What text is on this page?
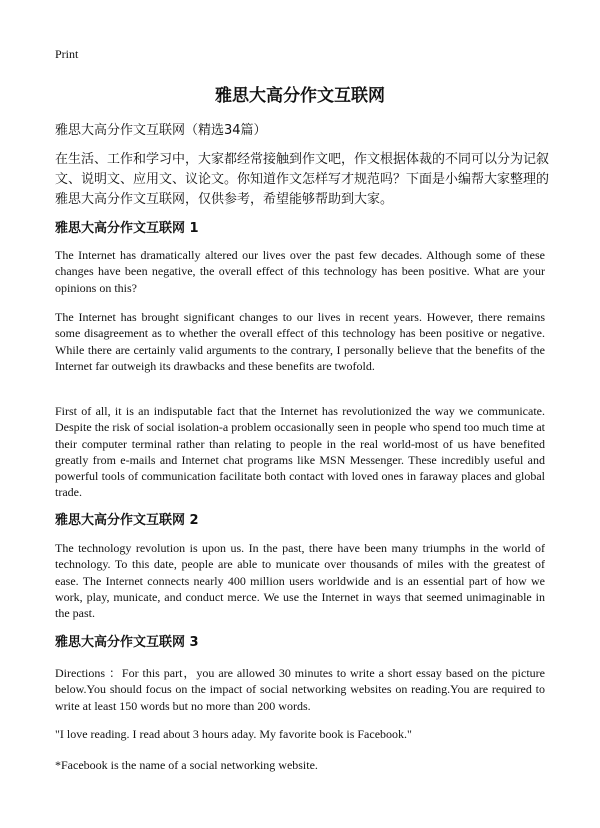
Print
雅思大高分作文互联网
雅思大高分作文互联网（精选34篇）
在生活、工作和学习中，大家都经常接触到作文吧，作文根据体裁的不同可以分为记叙文、说明文、应用文、议论文。你知道作文怎样写才规范吗？下面是小编帮大家整理的雅思大高分作文互联网，仅供参考，希望能够帮助到大家。
雅思大高分作文互联网 1
The Internet has dramatically altered our lives over the past few decades. Although some of these changes have been negative, the overall effect of this technology has been positive. What are your opinions on this?
The Internet has brought significant changes to our lives in recent years. However, there remains some disagreement as to whether the overall effect of this technology has been positive or negative. While there are certainly valid arguments to the contrary, I personally believe that the benefits of the Internet far outweigh its drawbacks and these benefits are twofold.
First of all, it is an indisputable fact that the Internet has revolutionized the way we communicate. Despite the risk of social isolation-a problem occasionally seen in people who spend too much time at their computer terminal rather than relating to people in the real world-most of us have benefited greatly from e-mails and Internet chat programs like MSN Messenger. These incredibly useful and powerful tools of communication facilitate both contact with loved ones in faraway places and global trade.
雅思大高分作文互联网 2
The technology revolution is upon us. In the past, there have been many triumphs in the world of technology. To this date, people are able to municate over thousands of miles with the greatest of ease. The Internet connects nearly 400 million users worldwide and is an essential part of how we work, play, municate, and conduct merce. We use the Internet in ways that seemed unimaginable in the past.
雅思大高分作文互联网 3
Directions ：For this part，you are allowed 30 minutes to write a short essay based on the picture below.You should focus on the impact of social networking websites on reading.You are required to write at least 150 words but no more than 200 words.
"I love reading. I read about 3 hours aday. My favorite book is Facebook."
*Facebook is the name of a social networking website.
